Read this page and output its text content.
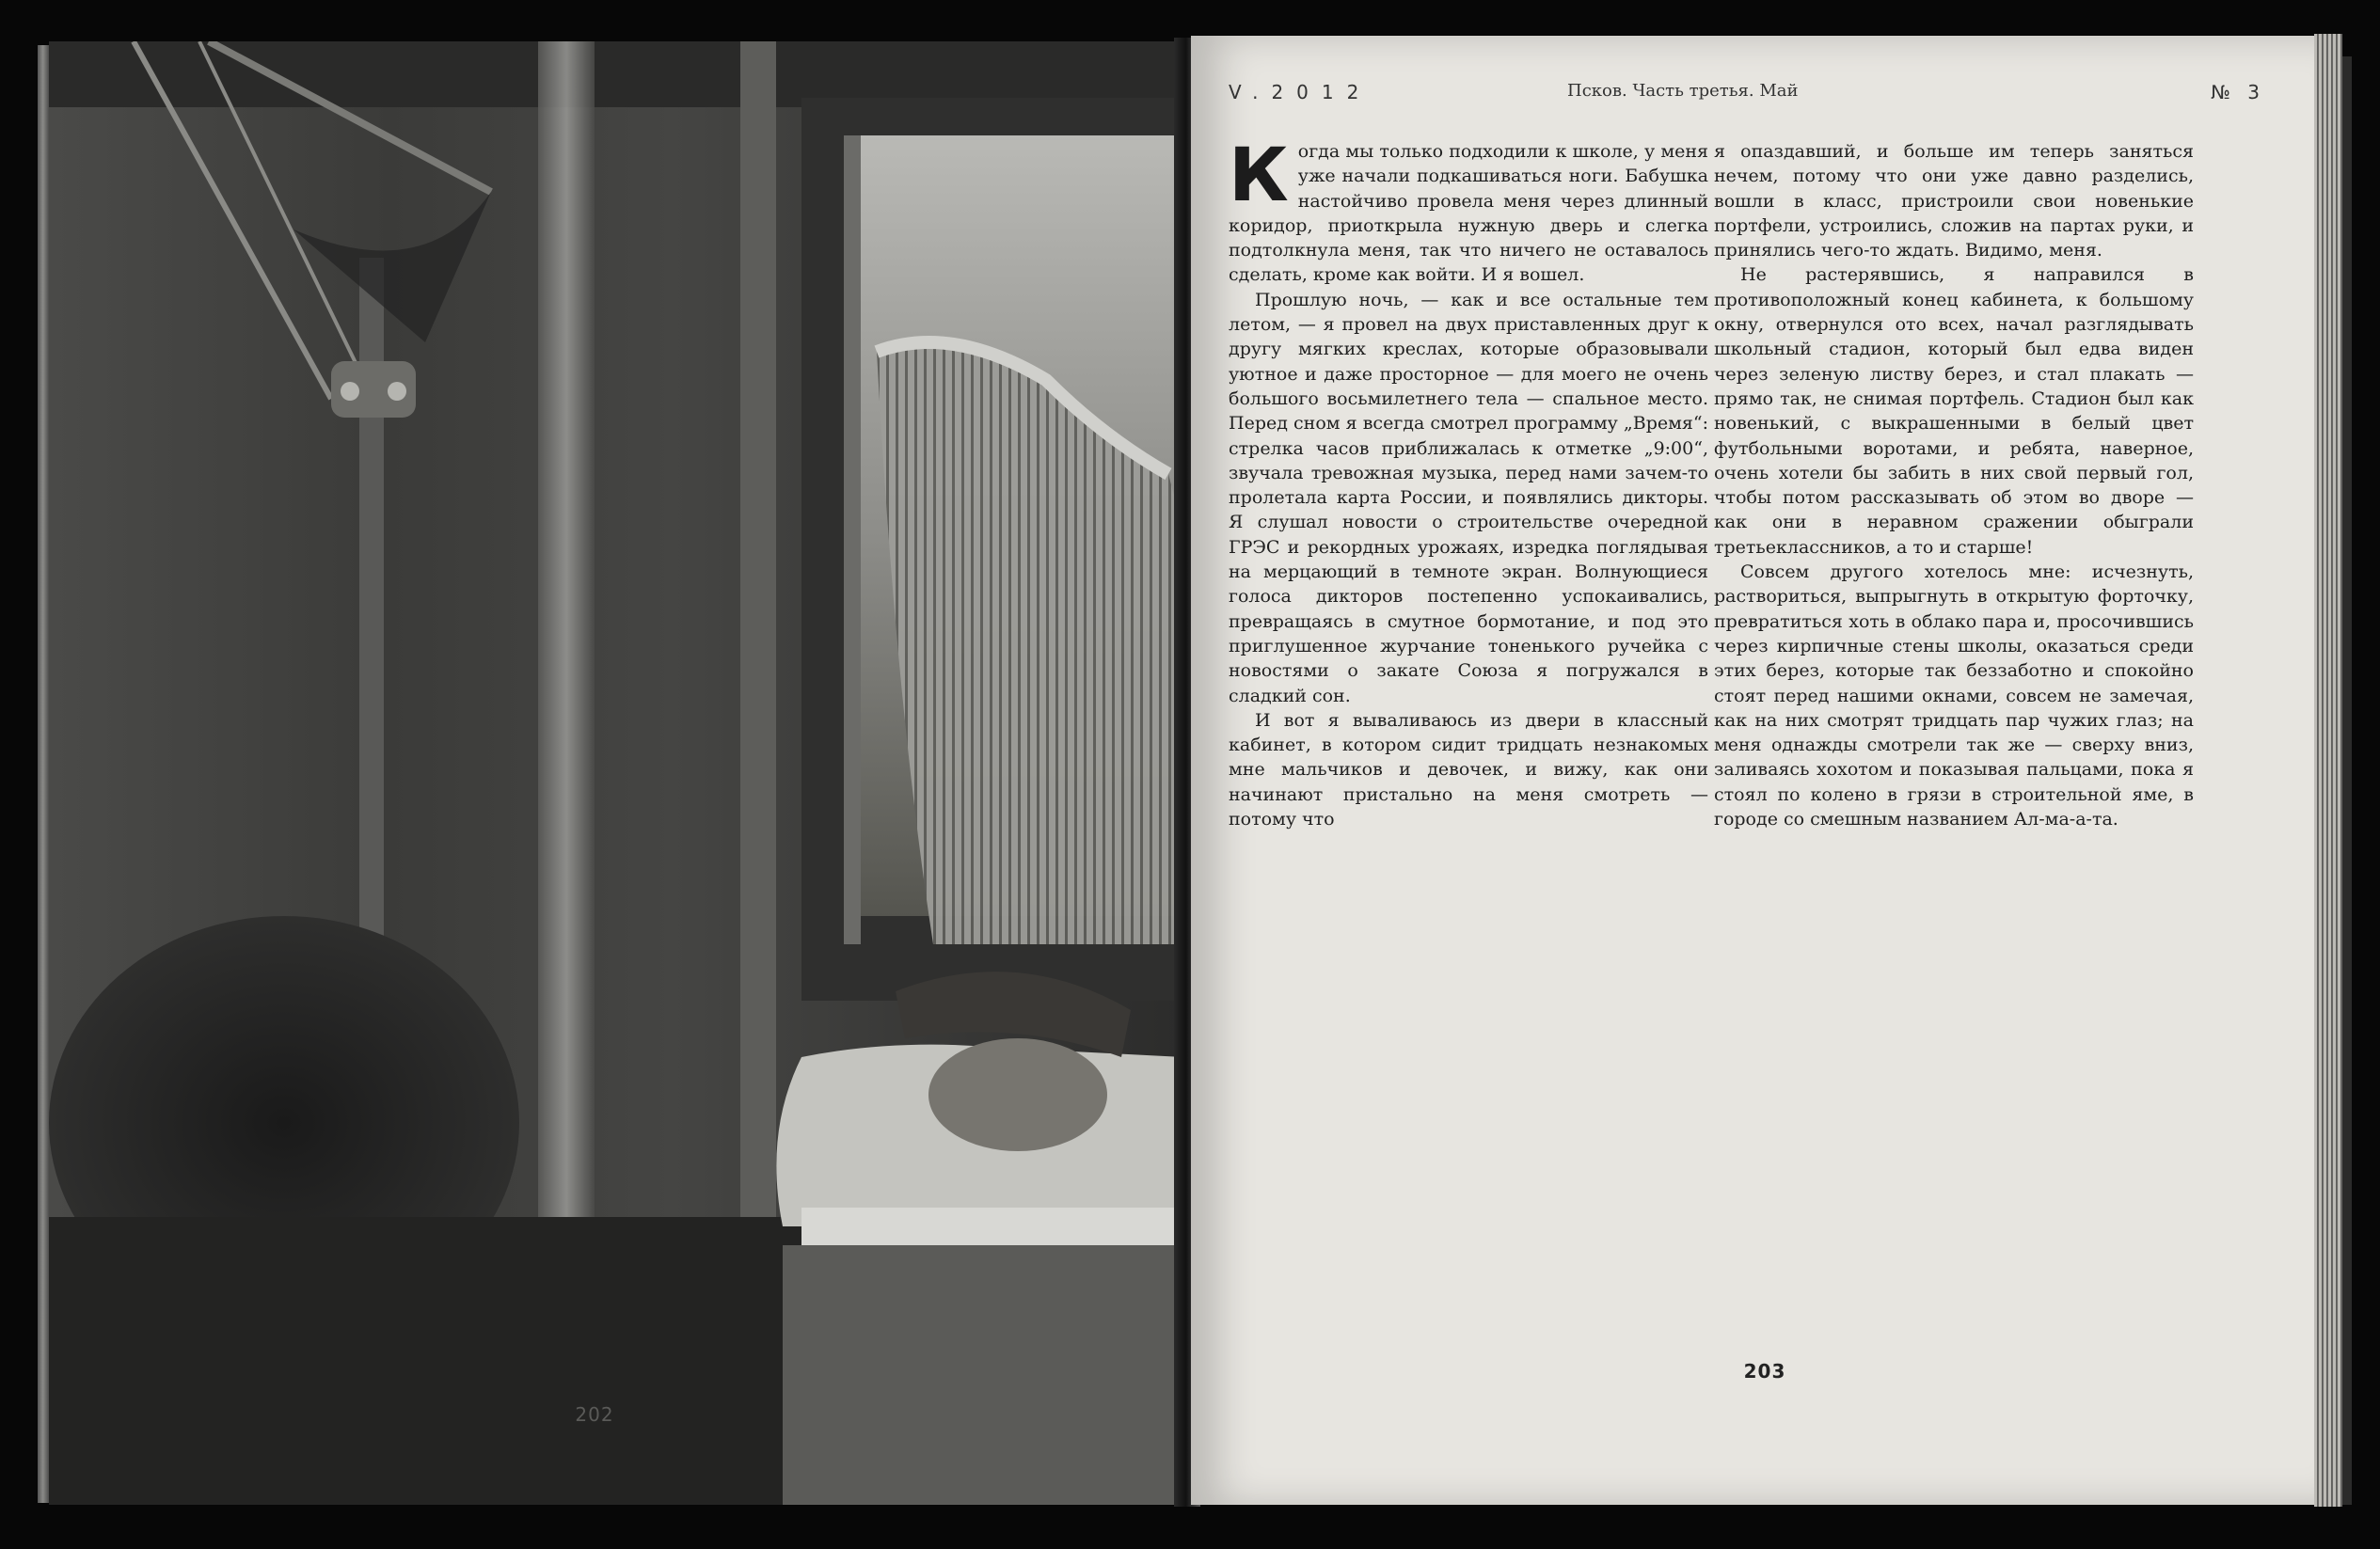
202
V.2012	Псков. Часть третья. Май	№ 3

Когда мы только подходили к школе, у меня уже начали подкашиваться ноги. Бабушка настойчиво провела меня через длинный коридор, приоткрыла нужную дверь и слегка подтолкнула меня, так что ничего не оставалось сделать, кроме как войти. И я вошел.

Прошлую ночь, — как и все остальные тем летом, — я провел на двух приставленных друг к другу мягких креслах, которые образовывали уютное и даже просторное — для моего не очень большого восьмилетнего тела — спальное место. Перед сном я всегда смотрел программу „Время“: стрелка часов приближалась к отметке „9:00“, звучала тревожная музыка, перед нами зачем-то пролетала карта России, и появлялись дикторы. Я слушал новости о строительстве очередной ГРЭС и рекордных урожаях, изредка поглядывая на мерцающий в темноте экран. Волнующиеся голоса дикторов постепенно успокаивались, превращаясь в смутное бормотание, и под это приглушенное журчание тоненького ручейка с новостями о закате Союза я погружался в сладкий сон.

И вот я вываливаюсь из двери в классный кабинет, в котором сидит тридцать незнакомых мне мальчиков и девочек, и вижу, как они начинают пристально на меня смотреть — потому что

я опаздавший, и больше им теперь заняться нечем, потому что они уже давно разделись, вошли в класс, пристроили свои новенькие портфели, устроились, сложив на партах руки, и принялись чего-то ждать. Видимо, меня.

Не растерявшись, я направился в противоположный конец кабинета, к большому окну, отвернулся ото всех, начал разглядывать школьный стадион, который был едва виден через зеленую листву берез, и стал плакать — прямо так, не снимая портфель. Стадион был как новенький, с выкрашенными в белый цвет футбольными воротами, и ребята, наверное, очень хотели бы забить в них свой первый гол, чтобы потом рассказывать об этом во дворе — как они в неравном сражении обыграли третьеклассников, а то и старше!

Совсем другого хотелось мне: исчезнуть, раствориться, выпрыгнуть в открытую форточку, превратиться хоть в облако пара и, просочившись через кирпичные стены школы, оказаться среди этих берез, которые так беззаботно и спокойно стоят перед нашими окнами, совсем не замечая, как на них смотрят тридцать пар чужих глаз; на меня однажды смотрели так же — сверху вниз, заливаясь хохотом и показывая пальцами, пока я стоял по колено в грязи в строительной яме, в городе со смешным названием Ал-ма-а-та.

203
